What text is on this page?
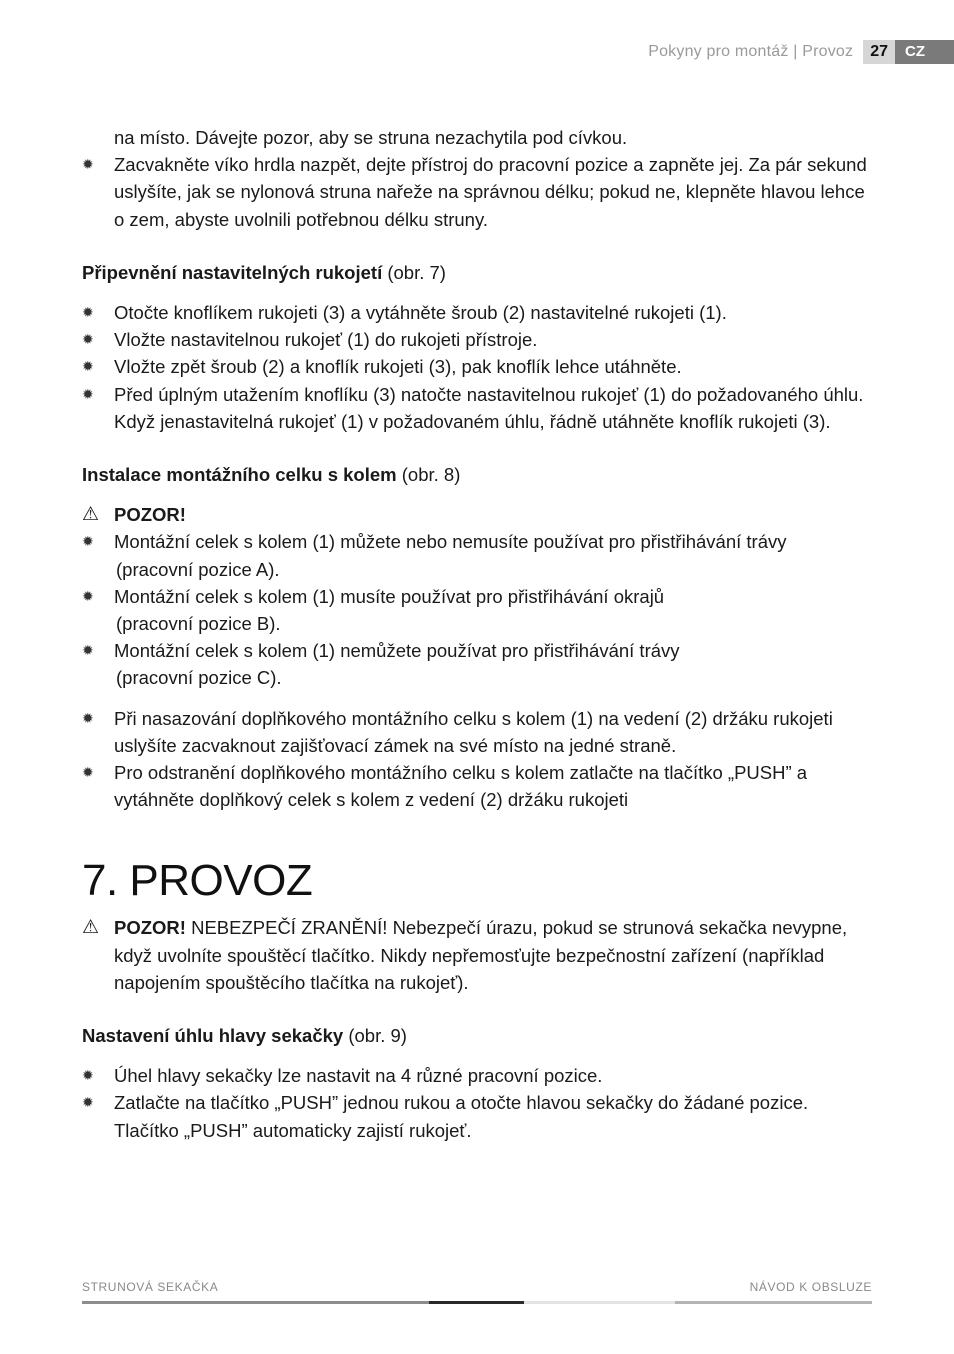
Pokyny pro montáž | Provoz	27	CZ

na místo. Dávejte pozor, aby se struna nezachytila pod cívkou.

✹ Zacvakněte víko hrdla nazpět, dejte přístroj do pracovní pozice a zapněte jej. Za pár sekund uslyšíte, jak se nylonová struna nařeže na správnou délku; pokud ne, klepněte hlavou lehce o zem, abyste uvolnili potřebnou délku struny.
Připevnění nastavitelných rukojetí (obr. 7)
✹ Otočte knoflíkem rukojeti (3) a vytáhněte šroub (2) nastavitelné rukojeti (1).
✹ Vložte nastavitelnou rukojeť (1) do rukojeti přístroje.
✹ Vložte zpět šroub (2) a knoflík rukojeti (3), pak knoflík lehce utáhněte.
✹ Před úplným utažením knoflíku (3) natočte nastavitelnou rukojeť (1) do požadovaného úhlu. Když jenastavitelná rukojeť (1) v požadovaném úhlu, řádně utáhněte knoflík rukojeti (3).
Instalace montážního celku s kolem (obr. 8)
⚠ POZOR!
✹ Montážní celek s kolem (1) můžete nebo nemusíte používat pro přistřihávání trávy
(pracovní pozice A).
✹ Montážní celek s kolem (1) musíte používat pro přistřihávání okrajů
(pracovní pozice B).
✹ Montážní celek s kolem (1) nemůžete používat pro přistřihávání trávy
(pracovní pozice C).
✹ Při nasazování doplňkového montážního celku s kolem (1) na vedení (2) držáku rukojeti uslyšíte zacvaknout zajišťovací zámek na své místo na jedné straně.
✹ Pro odstranění doplňkového montážního celku s kolem zatlačte na tlačítko „PUSH” a vytáhněte doplňkový celek s kolem z vedení (2) držáku rukojeti
7. PROVOZ
⚠ POZOR! NEBEZPEČÍ ZRANĚNÍ! Nebezpečí úrazu, pokud se strunová sekačka nevypne, když uvolníte spouštěcí tlačítko. Nikdy nepřemosťujte bezpečnostní zařízení (například napojením spouštěcího tlačítka na rukojeť).
Nastavení úhlu hlavy sekačky (obr. 9)
✹ Úhel hlavy sekačky lze nastavit na 4 různé pracovní pozice.
✹ Zatlačte na tlačítko „PUSH” jednou rukou a otočte hlavou sekačky do žádané pozice. Tlačítko „PUSH” automaticky zajistí rukojeť.
STRUNOVÁ SEKAČKA	NÁVOD K OBSLUZE
